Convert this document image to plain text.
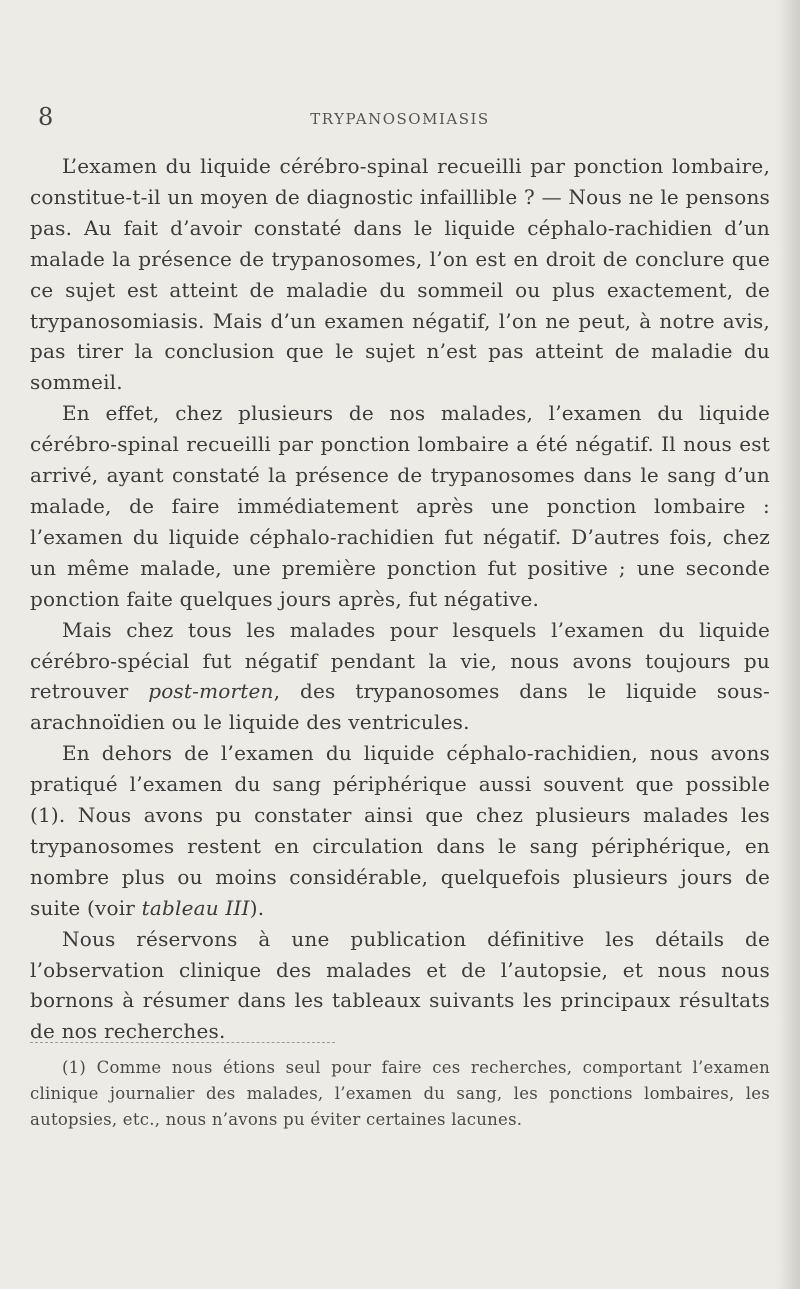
8	TRYPANOSOMIASIS

L’examen du liquide cérébro-spinal recueilli par ponction lombaire, constitue-t-il un moyen de diagnostic infaillible ? — Nous ne le pensons pas. Au fait d’avoir constaté dans le liquide céphalo-rachidien d’un malade la présence de trypanosomes, l’on est en droit de conclure que ce sujet est atteint de maladie du sommeil ou plus exactement, de trypanosomiasis. Mais d’un examen négatif, l’on ne peut, à notre avis, pas tirer la conclusion que le sujet n’est pas atteint de maladie du sommeil.

En effet, chez plusieurs de nos malades, l’examen du liquide cérébro-spinal recueilli par ponction lombaire a été négatif. Il nous est arrivé, ayant constaté la présence de trypanosomes dans le sang d’un malade, de faire immédiatement après une ponction lombaire : l’examen du liquide céphalo-rachidien fut négatif. D’autres fois, chez un même malade, une première ponction fut positive ; une seconde ponction faite quelques jours après, fut négative.

Mais chez tous les malades pour lesquels l’examen du liquide cérébro-spécial fut négatif pendant la vie, nous avons toujours pu retrouver post-morten, des trypanosomes dans le liquide sous-arachnoïdien ou le liquide des ventricules.

En dehors de l’examen du liquide céphalo-rachidien, nous avons pratiqué l’examen du sang périphérique aussi souvent que possible (1). Nous avons pu constater ainsi que chez plusieurs malades les trypanosomes restent en circulation dans le sang périphérique, en nombre plus ou moins considérable, quelquefois plusieurs jours de suite (voir tableau III).

Nous réservons à une publication définitive les détails de l’observation clinique des malades et de l’autopsie, et nous nous bornons à résumer dans les tableaux suivants les principaux résultats de nos recherches.

(1) Comme nous étions seul pour faire ces recherches, comportant l’examen clinique journalier des malades, l’examen du sang, les ponctions lombaires, les autopsies, etc., nous n’avons pu éviter certaines lacunes.
